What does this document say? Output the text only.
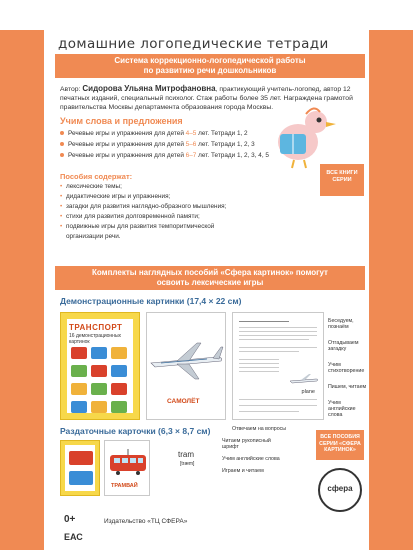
домашние логопедические тетради
Система коррекционно-логопедической работы
по развитию речи дошкольников
Автор: Сидорова Ульяна Митрофановна, практикующий учитель-логопед, автор 12 печатных изданий, специальный психолог. Стаж работы более 35 лет. Награждена грамотой правительства Москвы департамента образования города Москвы.
Учим слова и предложения
Речевые игры и упражнения для детей 4–5 лет. Тетради 1, 2
Речевые игры и упражнения для детей 5–6 лет. Тетради 1, 2, 3
Речевые игры и упражнения для детей 6–7 лет. Тетради 1, 2, 3, 4, 5
Пособия содержат:
• лексические темы;
• дидактические игры и упражнения;
• загадки для развития наглядно-образного мышления;
• стихи для развития долговременной памяти;
• подвижные игры для развития темпоритмической организации речи.
ВСЕ КНИГИ СЕРИИ
Комплекты наглядных пособий «Сфера картинок» помогут
освоить лексические игры
Демонстрационные картинки (17,4 × 22 см)
ТРАНСПОРТ
16 демонстрационных картинок
САМОЛЁТ
plane
Беседуем, познаём
Отгадываем загадку
Учим стихотворение
Пишем, читаем
Учим английские слова
Отвечаем на вопросы
Раздаточные карточки (6,3 × 8,7 см)
ТРАМВАЙ
tram
[træm]
Читаем рукописный шрифт
Учим английские слова
Играем и читаем
ВСЕ ПОСОБИЯ СЕРИИ «СФЕРА КАРТИНОК»
сфера
0+
ЕАС
Издательство «ТЦ СФЕРА»
